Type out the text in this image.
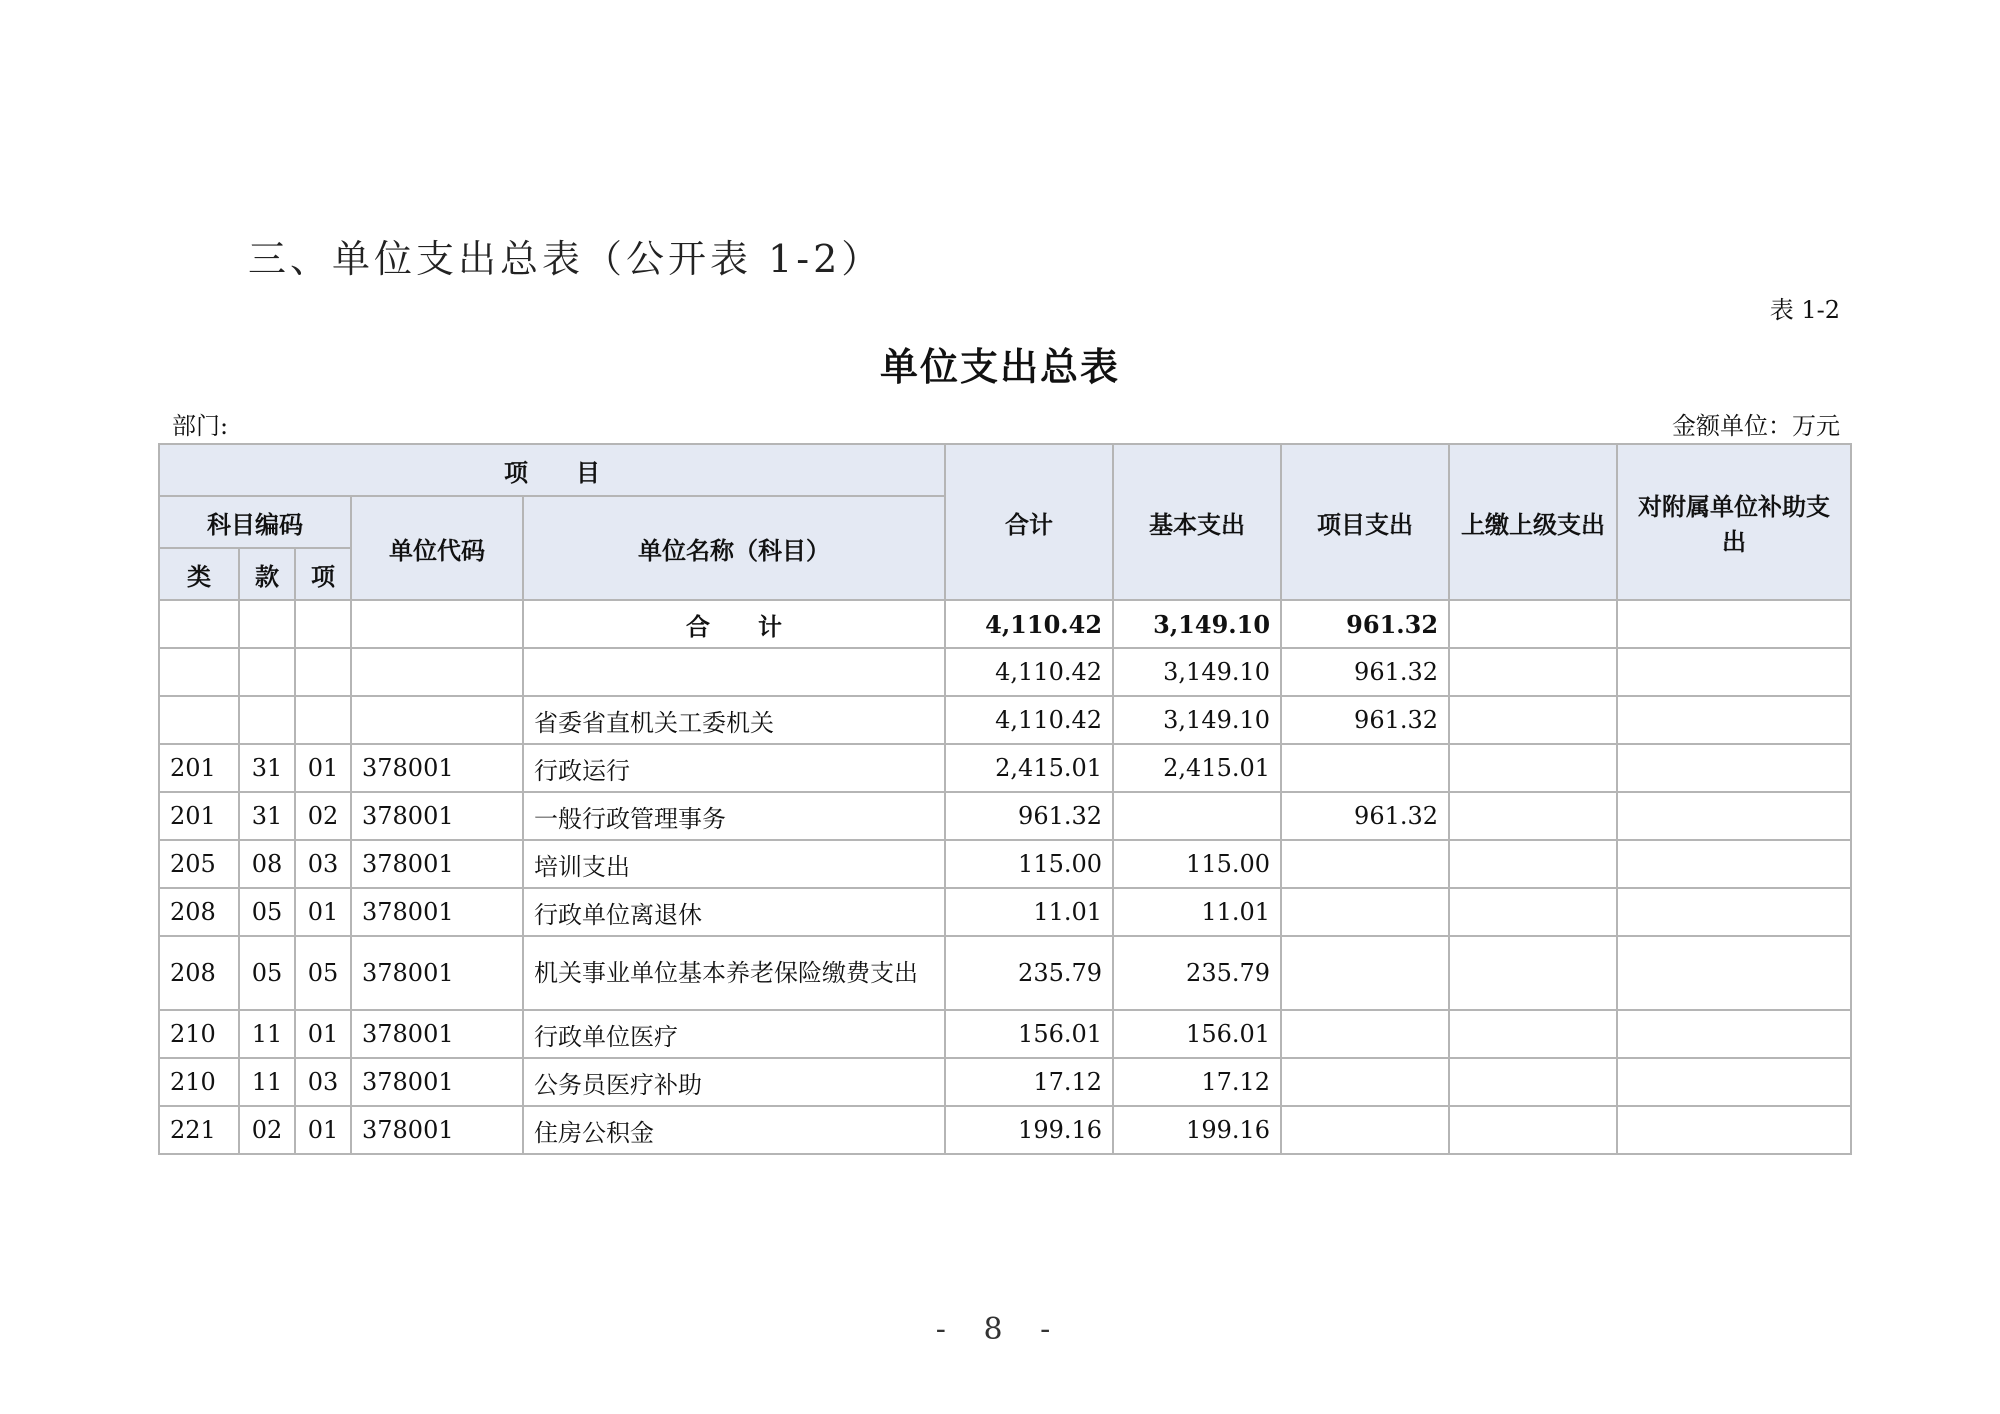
三、单位支出总表（公开表 1-2）
表 1-2
单位支出总表
部门:	金额单位：万元
项　　目					合计	基本支出	项目支出	上缴上级支出	对附属单位补助支出
科目编码			单位代码	单位名称（科目）					
类	款	项							
				合　　计	4,110.42	3,149.10	961.32		
					4,110.42	3,149.10	961.32		
				省委省直机关工委机关	4,110.42	3,149.10	961.32		
201	31	01	378001	行政运行	2,415.01	2,415.01			
201	31	02	378001	一般行政管理事务	961.32		961.32		
205	08	03	378001	培训支出	115.00	115.00			
208	05	01	378001	行政单位离退休	11.01	11.01			
208	05	05	378001	机关事业单位基本养老保险缴费支出	235.79	235.79			
210	11	01	378001	行政单位医疗	156.01	156.01			
210	11	03	378001	公务员医疗补助	17.12	17.12			
221	02	01	378001	住房公积金	199.16	199.16			
- 8 -
